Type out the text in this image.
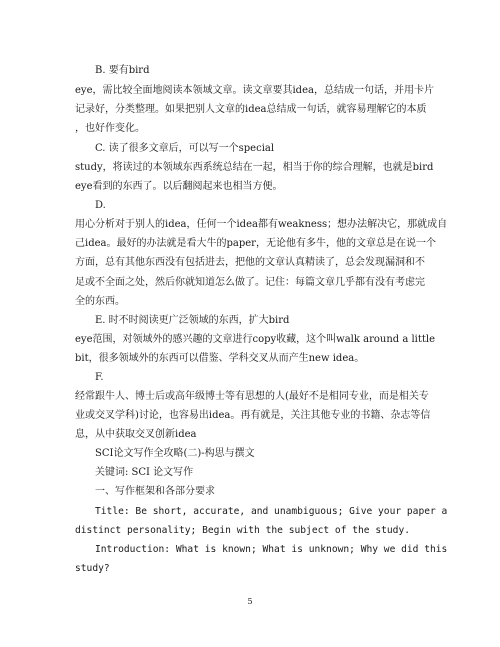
B. 要有bird
eye，需比较全面地阅读本领域文章。读文章要其idea，总结成一句话，并用卡片
记录好，分类整理。如果把别人文章的idea总结成一句话，就容易理解它的本质
，也好作变化。
C. 读了很多文章后，可以写一个special
study，将读过的本领域东西系统总结在一起，相当于你的综合理解，也就是bird
eye看到的东西了。以后翻阅起来也相当方便。
D.
用心分析对于别人的idea，任何一个idea都有weakness；想办法解决它，那就成自
己idea。最好的办法就是看大牛的paper，无论他有多牛，他的文章总是在说一个
方面，总有其他东西没有包括进去，把他的文章认真精读了，总会发现漏洞和不
足或不全面之处，然后你就知道怎么做了。记住：每篇文章几乎都有没有考虑完
全的东西。
E. 时不时阅读更广泛领域的东西，扩大bird
eye范围，对领域外的感兴趣的文章进行copy收藏，这个叫walk around a little
bit，很多领域外的东西可以借鉴、学科交叉从而产生new idea。
F.
经常跟牛人、博士后或高年级博士等有思想的人(最好不是相同专业，而是相关专
业或交叉学科)讨论，也容易出idea。再有就是，关注其他专业的书籍、杂志等信
息，从中获取交叉创新idea
SCI论文写作全攻略(二)-构思与撰文
关键词: SCI 论文写作
一、写作框架和各部分要求
Title: Be short, accurate, and unambiguous; Give your paper a
distinct personality; Begin with the subject of the study.
Introduction: What is known; What is unknown; Why we did this
study?
5
